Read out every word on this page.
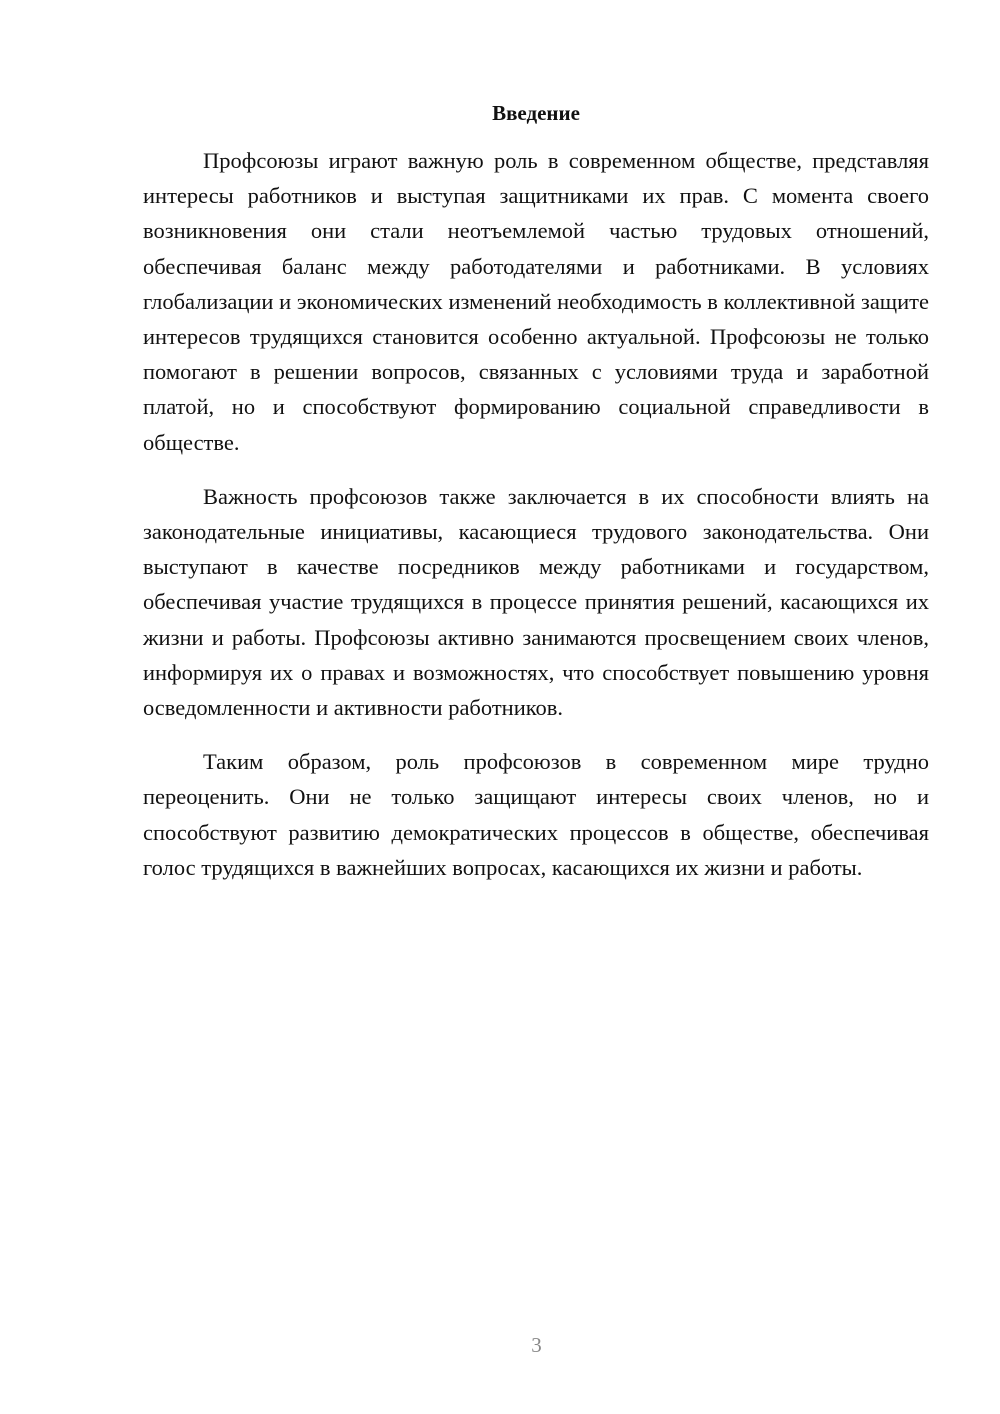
Введение

Профсоюзы играют важную роль в современном обществе, представляя интересы работников и выступая защитниками их прав. С момента своего возникновения они стали неотъемлемой частью трудовых отношений, обеспечивая баланс между работодателями и работниками. В условиях глобализации и экономических изменений необходимость в коллективной защите интересов трудящихся становится особенно актуальной. Профсоюзы не только помогают в решении вопросов, связанных с условиями труда и заработной платой, но и способствуют формированию социальной справедливости в обществе.

Важность профсоюзов также заключается в их способности влиять на законодательные инициативы, касающиеся трудового законодательства. Они выступают в качестве посредников между работниками и государством, обеспечивая участие трудящихся в процессе принятия решений, касающихся их жизни и работы. Профсоюзы активно занимаются просвещением своих членов, информируя их о правах и возможностях, что способствует повышению уровня осведомленности и активности работников.

Таким образом, роль профсоюзов в современном мире трудно переоценить. Они не только защищают интересы своих членов, но и способствуют развитию демократических процессов в обществе, обеспечивая голос трудящихся в важнейших вопросах, касающихся их жизни и работы.

3
